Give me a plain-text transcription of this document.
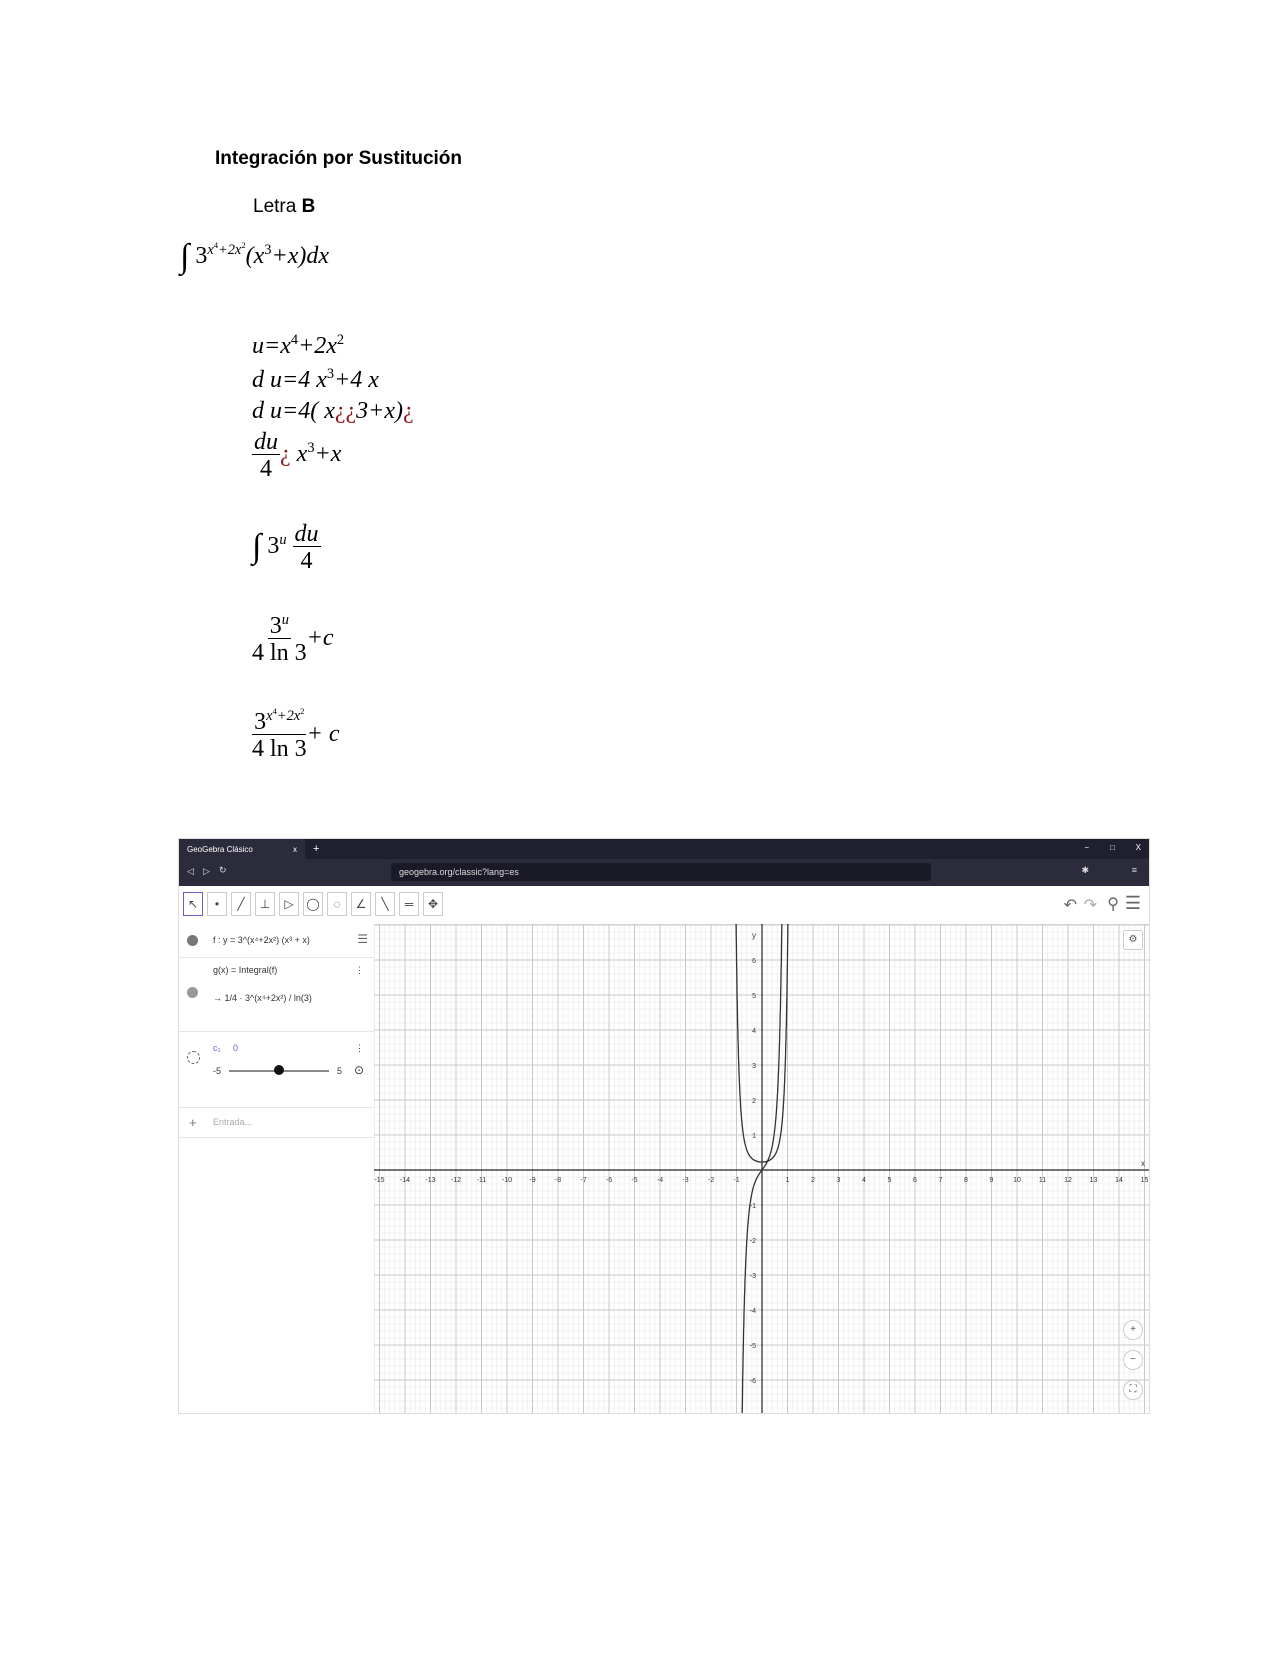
Integración por Sustitución
Letra B
∫ $3^{x^4+2x^2}(x^3+x)dx$
$u=x^4+2x^2$
d u=4 $x^3+4$ x
d u=4( x¿¿3+x)¿
$\frac{du}{4}$ ¿ $x^3+x$
∫ $3^u \frac{du}{4}$
$\frac{3^u}{4 \ln 3} +c$
$\frac{3^{x^4+2x^2}}{4 \ln 3} + c$
GeoGebra Clásico	x +	−	□	X
◁ ▷ ↻	geogebra.org/classic?lang=es	✱	≡
↖	•	╱	⊥	▷	◯	◌	∠	╲	═	✥	↶ ↷ ⚲ ☰
f : y = 3^(x⁴+2x²) (x³ + x)	☰
g(x) = Integral(f)
→ 1/4 · 3^(x⁴+2x²) / ln(3)
⋮
c₁ 0	⋮
-5	5 ⊙
+ Entrada...
-15 -14 -13 -12 -11 -10 -9	-8	-7	-6	-5	-4	-3	-2	-1	1	2	3	4	5	6	7	8	9	10	11	12	13	14	15
6
5
4
3
2
1
-1
-2
-3
-4
-5
-6
y
x
⚙
+
−
⛶
